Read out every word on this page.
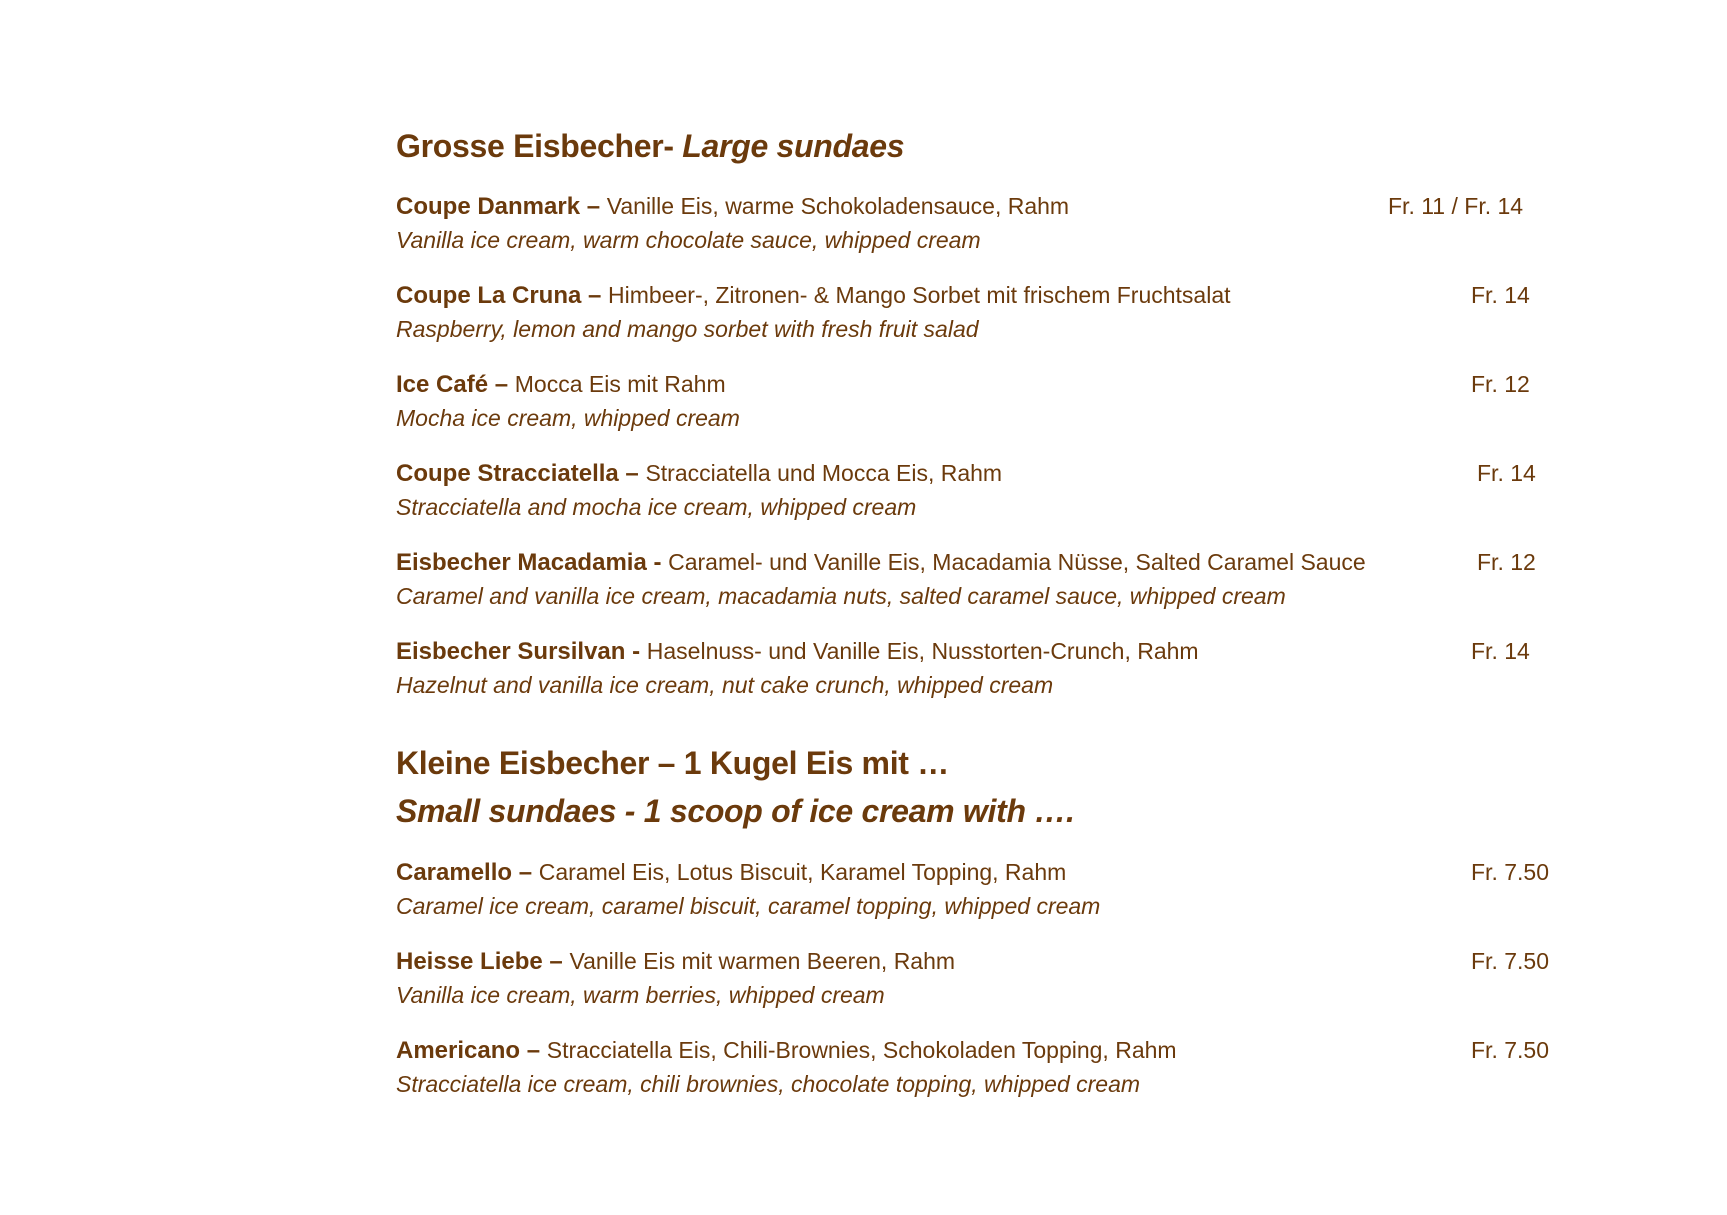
Grosse Eisbecher- Large sundaes
Coupe Danmark – Vanille Eis, warme Schokoladensauce, Rahm	Fr. 11 / Fr. 14
Vanilla ice cream, warm chocolate sauce, whipped cream
Coupe La Cruna – Himbeer-, Zitronen- & Mango Sorbet mit frischem Fruchtsalat	Fr. 14
Raspberry, lemon and mango sorbet with fresh fruit salad
Ice Café – Mocca Eis mit Rahm	Fr. 12
Mocha ice cream, whipped cream
Coupe Stracciatella – Stracciatella und Mocca Eis, Rahm	Fr. 14
Stracciatella and mocha ice cream, whipped cream
Eisbecher Macadamia - Caramel- und Vanille Eis, Macadamia Nüsse, Salted Caramel Sauce	Fr. 12
Caramel and vanilla ice cream, macadamia nuts, salted caramel sauce, whipped cream
Eisbecher Sursilvan - Haselnuss- und Vanille Eis, Nusstorten-Crunch, Rahm	Fr. 14
Hazelnut and vanilla ice cream, nut cake crunch, whipped cream
Kleine Eisbecher – 1 Kugel Eis mit …
Small sundaes - 1 scoop of ice cream with ….
Caramello – Caramel Eis, Lotus Biscuit, Karamel Topping, Rahm	Fr. 7.50
Caramel ice cream, caramel biscuit, caramel topping, whipped cream
Heisse Liebe – Vanille Eis mit warmen Beeren, Rahm	Fr. 7.50
Vanilla ice cream, warm berries, whipped cream
Americano – Stracciatella Eis, Chili-Brownies, Schokoladen Topping, Rahm	Fr. 7.50
Stracciatella ice cream, chili brownies, chocolate topping, whipped cream
